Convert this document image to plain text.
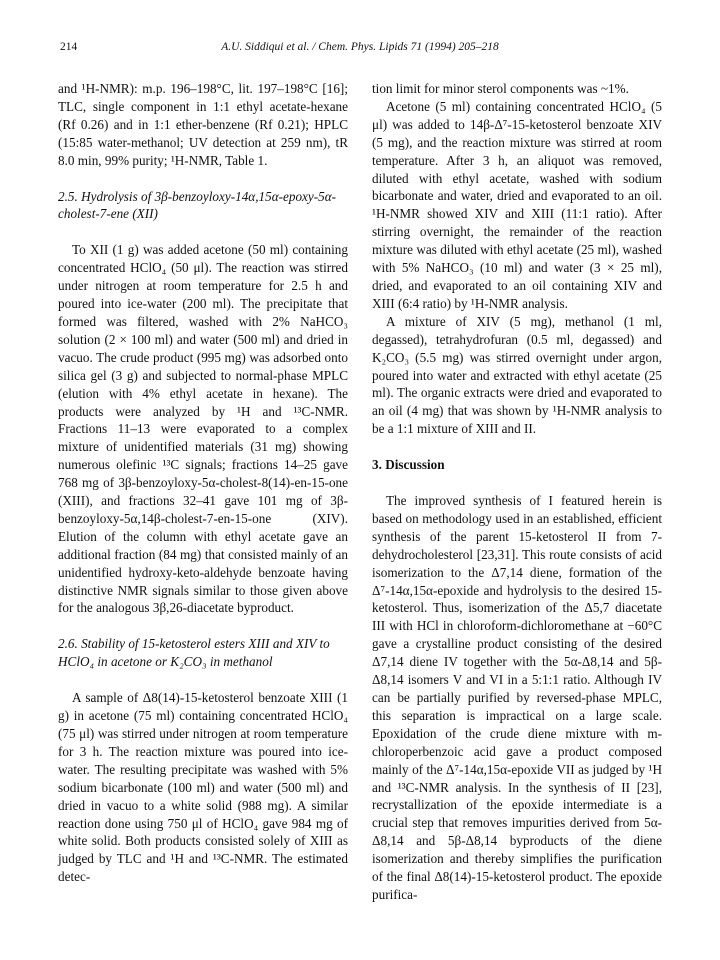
214	A.U. Siddiqui et al. / Chem. Phys. Lipids 71 (1994) 205–218

and ¹H-NMR): m.p. 196–198°C, lit. 197–198°C [16]; TLC, single component in 1:1 ethyl acetate-hexane (Rf 0.26) and in 1:1 ether-benzene (Rf 0.21); HPLC (15:85 water-methanol; UV detection at 259 nm), tR 8.0 min, 99% purity; ¹H-NMR, Table 1.

2.5. Hydrolysis of 3β-benzoyloxy-14α,15α-epoxy-5α-cholest-7-ene (XII)

To XII (1 g) was added acetone (50 ml) containing concentrated HClO₄ (50 μl). The reaction was stirred under nitrogen at room temperature for 2.5 h and poured into ice-water (200 ml). The precipitate that formed was filtered, washed with 2% NaHCO₃ solution (2 × 100 ml) and water (500 ml) and dried in vacuo. The crude product (995 mg) was adsorbed onto silica gel (3 g) and subjected to normal-phase MPLC (elution with 4% ethyl acetate in hexane). The products were analyzed by ¹H and ¹³C-NMR. Fractions 11–13 were evaporated to a complex mixture of unidentified materials (31 mg) showing numerous olefinic ¹³C signals; fractions 14–25 gave 768 mg of 3β-benzoyloxy-5α-cholest-8(14)-en-15-one (XIII), and fractions 32–41 gave 101 mg of 3β-benzoyloxy-5α,14β-cholest-7-en-15-one (XIV). Elution of the column with ethyl acetate gave an additional fraction (84 mg) that consisted mainly of an unidentified hydroxy-keto-aldehyde benzoate having distinctive NMR signals similar to those given above for the analogous 3β,26-diacetate byproduct.

2.6. Stability of 15-ketosterol esters XIII and XIV to HClO₄ in acetone or K₂CO₃ in methanol

A sample of Δ8(14)-15-ketosterol benzoate XIII (1 g) in acetone (75 ml) containing concentrated HClO₄ (75 μl) was stirred under nitrogen at room temperature for 3 h. The reaction mixture was poured into ice-water. The resulting precipitate was washed with 5% sodium bicarbonate (100 ml) and water (500 ml) and dried in vacuo to a white solid (988 mg). A similar reaction done using 750 μl of HClO₄ gave 984 mg of white solid. Both products consisted solely of XIII as judged by TLC and ¹H and ¹³C-NMR. The estimated detec-

tion limit for minor sterol components was ~1%.

Acetone (5 ml) containing concentrated HClO₄ (5 μl) was added to 14β-Δ⁷-15-ketosterol benzoate XIV (5 mg), and the reaction mixture was stirred at room temperature. After 3 h, an aliquot was removed, diluted with ethyl acetate, washed with sodium bicarbonate and water, dried and evaporated to an oil. ¹H-NMR showed XIV and XIII (11:1 ratio). After stirring overnight, the remainder of the reaction mixture was diluted with ethyl acetate (25 ml), washed with 5% NaHCO₃ (10 ml) and water (3 × 25 ml), dried, and evaporated to an oil containing XIV and XIII (6:4 ratio) by ¹H-NMR analysis.

A mixture of XIV (5 mg), methanol (1 ml, degassed), tetrahydrofuran (0.5 ml, degassed) and K₂CO₃ (5.5 mg) was stirred overnight under argon, poured into water and extracted with ethyl acetate (25 ml). The organic extracts were dried and evaporated to an oil (4 mg) that was shown by ¹H-NMR analysis to be a 1:1 mixture of XIII and II.

3. Discussion

The improved synthesis of I featured herein is based on methodology used in an established, efficient synthesis of the parent 15-ketosterol II from 7-dehydrocholesterol [23,31]. This route consists of acid isomerization to the Δ7,14 diene, formation of the Δ⁷-14α,15α-epoxide and hydrolysis to the desired 15-ketosterol. Thus, isomerization of the Δ5,7 diacetate III with HCl in chloroform-dichloromethane at −60°C gave a crystalline product consisting of the desired Δ7,14 diene IV together with the 5α-Δ8,14 and 5β-Δ8,14 isomers V and VI in a 5:1:1 ratio. Although IV can be partially purified by reversed-phase MPLC, this separation is impractical on a large scale. Epoxidation of the crude diene mixture with m-chloroperbenzoic acid gave a product composed mainly of the Δ⁷-14α,15α-epoxide VII as judged by ¹H and ¹³C-NMR analysis. In the synthesis of II [23], recrystallization of the epoxide intermediate is a crucial step that removes impurities derived from 5α-Δ8,14 and 5β-Δ8,14 byproducts of the diene isomerization and thereby simplifies the purification of the final Δ8(14)-15-ketosterol product. The epoxide purifica-
